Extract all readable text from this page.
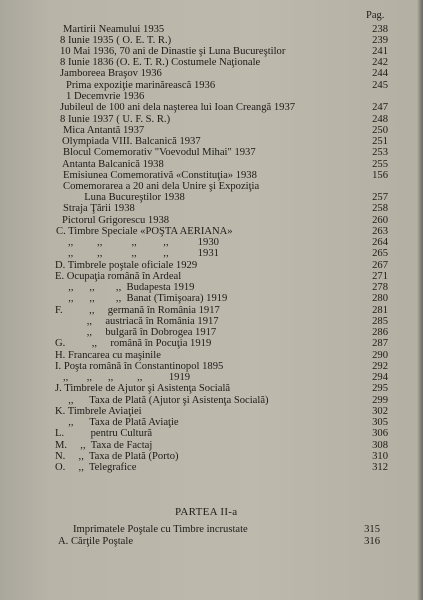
Pag.
Martirii Neamului 1935	238
8 Iunie 1935 ( O. E. T. R.)	239
10 Mai 1936, 70 ani de Dinastie şi Luna Bucureştilor	241
8 Iunie 1836 (O. E. T. R.) Costumele Naţionale	242
Jamboreea Braşov 1936	244
Prima expoziţie marinărească 1936	245
1 Decemvrie 1936
Jubileul de 100 ani dela naşterea lui Ioan Creangă 1937	247
8 Iunie 1937 ( U. F. S. R.)	248
Mica Antantă 1937	250
Olympiada VIII. Balcanică 1937	251
Blocul Comemorativ "Voevodul Mihai" 1937	253
Antanta Balcanică 1938	255
Emisiunea Comemorativă «Constituţia» 1938	156
Comemorarea a 20 ani dela Unire şi Expoziţia
Luna Bucureştilor 1938	257
Straja Ţării 1938	258
Pictorul Grigorescu 1938	260
C. Timbre Speciale «POŞTA AERIANA»	263
,,         ,,           ,,          ,,           1930	264
,,         ,,           ,,          ,,           1931	265
D. Timbrele poştale oficiale 1929	267
E. Ocupaţia română în Ardeal	271
,,      ,,        ,,  Budapesta 1919	278
,,      ,,        ,,  Banat (Timişoara) 1919	280
F.          ,,     germană în România 1917	281
,,     austriacă în România 1917	285
,,     bulgară în Dobrogea 1917	286
G.          ,,     română în Pocuţia 1919	287
H. Francarea cu maşinile	290
I. Poşta română în Constantinopol 1895	292
,,       ,,      ,,         ,,          1919	294
J. Timbrele de Ajutor şi Asistenţa Socială	295
,,      Taxa de Plată (Ajutor şi Asistenţa Socială)	299
K. Timbrele Aviaţiei	302
,,      Taxa de Plată Aviaţie	305
L.          pentru Cultură	306
M.     ,,  Taxa de Factaj	308
N.     ,,  Taxa de Plată (Porto)	310
O.     ,,  Telegrafice	312
PARTEA II-a
Imprimatele Poştale cu Timbre incrustate	315
A. Cărţile Poştale	316
